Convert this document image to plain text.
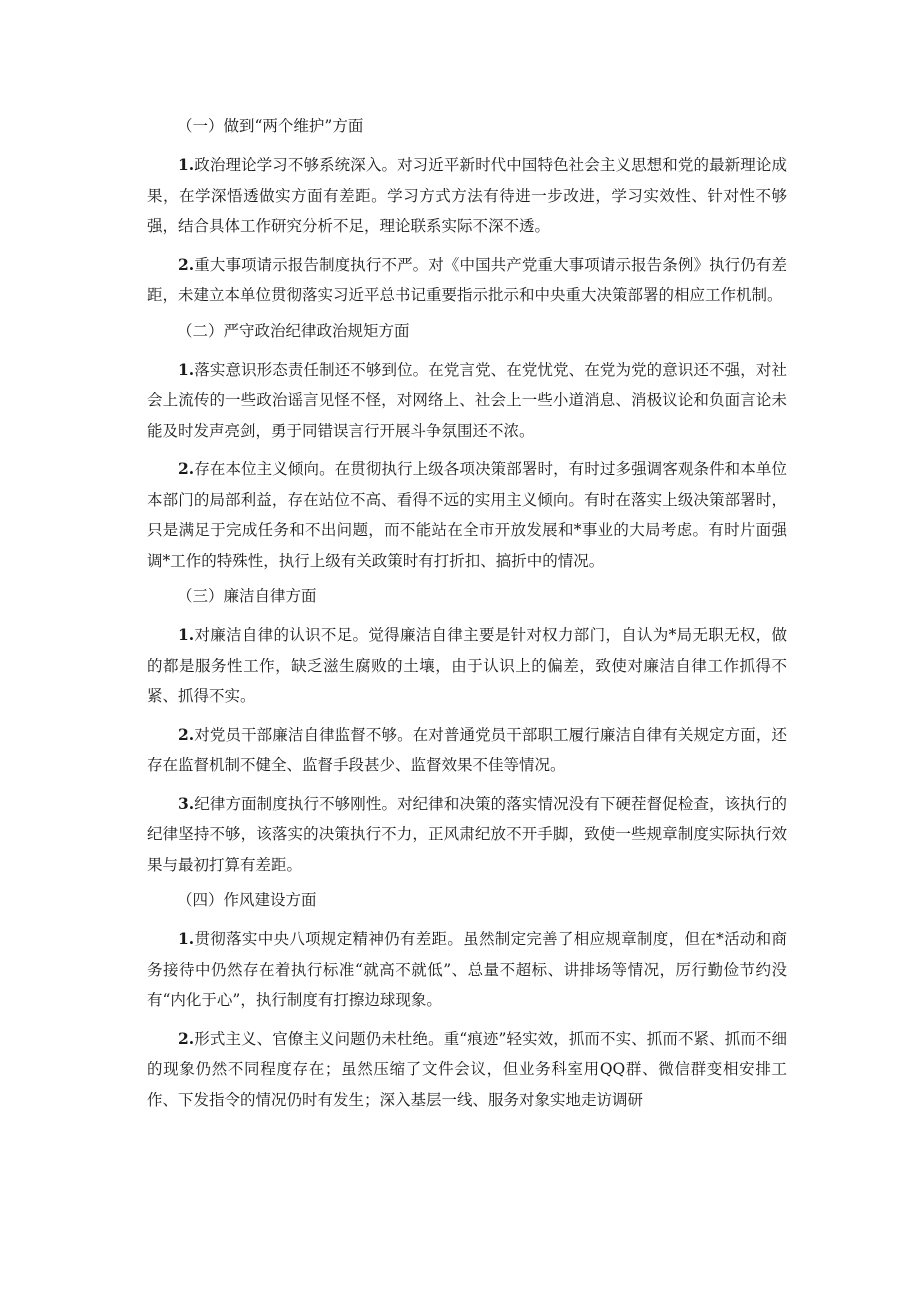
（一）做到“两个维护”方面

1.政治理论学习不够系统深入。对习近平新时代中国特色社会主义思想和党的最新理论成果，在学深悟透做实方面有差距。学习方式方法有待进一步改进，学习实效性、针对性不够强，结合具体工作研究分析不足，理论联系实际不深不透。

2.重大事项请示报告制度执行不严。对《中国共产党重大事项请示报告条例》执行仍有差距，未建立本单位贯彻落实习近平总书记重要指示批示和中央重大决策部署的相应工作机制。

（二）严守政治纪律政治规矩方面

1.落实意识形态责任制还不够到位。在党言党、在党忧党、在党为党的意识还不强，对社会上流传的一些政治谣言见怪不怪，对网络上、社会上一些小道消息、消极议论和负面言论未能及时发声亮剑，勇于同错误言行开展斗争氛围还不浓。

2.存在本位主义倾向。在贯彻执行上级各项决策部署时，有时过多强调客观条件和本单位本部门的局部利益，存在站位不高、看得不远的实用主义倾向。有时在落实上级决策部署时，只是满足于完成任务和不出问题，而不能站在全市开放发展和*事业的大局考虑。有时片面强调*工作的特殊性，执行上级有关政策时有打折扣、搞折中的情况。

（三）廉洁自律方面

1.对廉洁自律的认识不足。觉得廉洁自律主要是针对权力部门，自认为*局无职无权，做的都是服务性工作，缺乏滋生腐败的土壤，由于认识上的偏差，致使对廉洁自律工作抓得不紧、抓得不实。

2.对党员干部廉洁自律监督不够。在对普通党员干部职工履行廉洁自律有关规定方面，还存在监督机制不健全、监督手段甚少、监督效果不佳等情况。

3.纪律方面制度执行不够刚性。对纪律和决策的落实情况没有下硬茬督促检查，该执行的纪律坚持不够，该落实的决策执行不力，正风肃纪放不开手脚，致使一些规章制度实际执行效果与最初打算有差距。

（四）作风建设方面

1.贯彻落实中央八项规定精神仍有差距。虽然制定完善了相应规章制度，但在*活动和商务接待中仍然存在着执行标准“就高不就低”、总量不超标、讲排场等情况，厉行勤俭节约没有“内化于心”，执行制度有打擦边球现象。

2.形式主义、官僚主义问题仍未杜绝。重“痕迹”轻实效，抓而不实、抓而不紧、抓而不细的现象仍然不同程度存在；虽然压缩了文件会议，但业务科室用QQ群、微信群变相安排工作、下发指令的情况仍时有发生；深入基层一线、服务对象实地走访调研
